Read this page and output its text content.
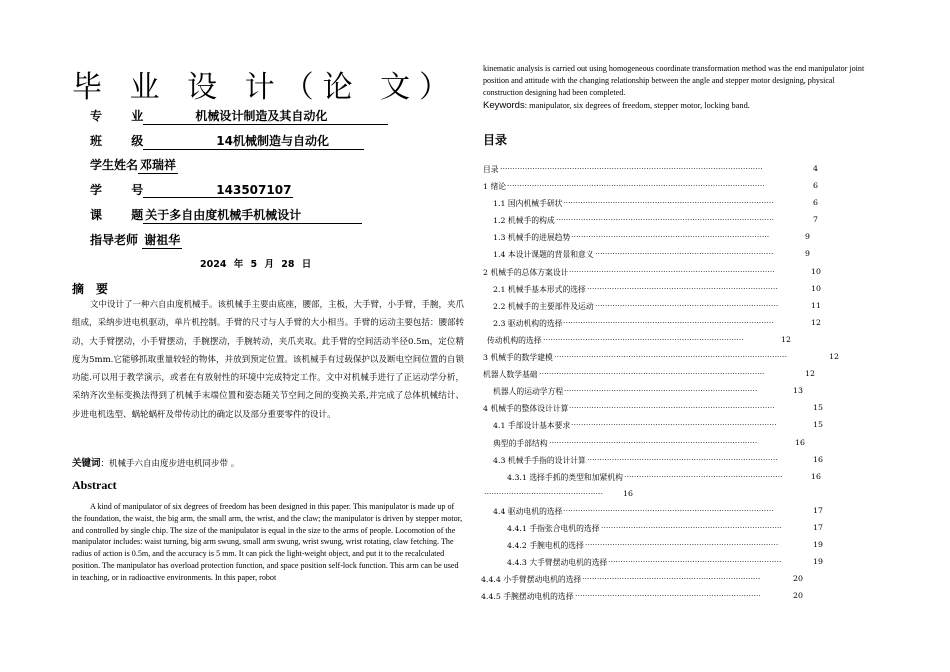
毕 业 设 计（论 文）
专       业            机械设计制造及其自动化
班       级                 14机械制造与自动化
学生姓名 邓瑞祥
学       号                 143507107
课       题 关于多自由度机械手机械设计
指导老师 谢祖华
2024 年 5 月 28 日
摘要
文中设计了一种六自由度机械手。该机械手主要由底座，腰部，主板，大手臂，小手臂，手腕，夹爪组成，采纳步进电机驱动，单片机控制。手臂的尺寸与人手臂的大小相当。手臂的运动主要包括：腰部转动，大手臂摆动，小手臂摆动，手腕摆动，手腕转动，夹爪夹取。此手臂的空间活动半径0.5m，定位精度为5mm.它能够抓取重量较轻的物体，并放到预定位置。该机械手有过载保护以及断电空间位置的自锁功能.可以用于教学演示，或者在有放射性的环境中完成特定工作。文中对机械手进行了正运动学分析，采纳齐次坐标变换法得到了机械手末端位置和姿态随关节空间之间的变换关系,并完成了总体机械结计、步进电机选型、蜗轮蜗杆及带传动比的确定以及部分重要零件的设计。
关键词：机械手六自由度步进电机同步带 。
Abstract
A kind of manipulator of six degrees of freedom has been designed in this paper. This manipulator is made up of the foundation, the waist, the big arm, the small arm, the wrist, and the claw; the manipulator is driven by stepper motor, and controlled by single chip. The size of the manipulator is equal in the size to the arms of people. Locomotion of the manipulator includes: waist turning, big arm swung, small arm swung, wrist swung, wrist rotating, claw fetching. The radius of action is 0.5m, and the accuracy is 5 mm. It can pick the light-weight object, and put it to the recalculated position. The manipulator has overload protection function, and space position self-lock function. This arm can be used in teaching, or in radioactive environments. In this paper, robot
kinematic analysis is carried out using homogeneous coordinate transformation method was the end manipulator joint position and attitude with the changing relationship between the angle and stepper motor designing, physical construction designing had been completed.
Keywords: manipulator, six degrees of freedom, stepper motor, locking band.
目录
目录 ··········································································································	4
1 绪论 ········································································································	6
1.1 国内机械手研状 ·····················································································	6
1.2 机械手的构成 ························································································	7
1.3 机械手的进展趋势 ················································································	9
1.4 本设计课题的背景和意义 ········································································	9
2 机械手的总体方案设计 ···················································································	10
2.1 机械手基本形式的选择 ·············································································	10
2.2 机械手的主要部件及运动 ··········································································	11
2.3 驱动机构的选择 ·····················································································	12
传动机构的选择 ·················································································	12
3 机械手的数学建模 ······························································································	12
机器人数学基础 ···························································································	12
机器人的运动学方程 ··············································································	13
4 机械手的整体设计计算 ···················································································	15
4.1 手部设计基本要求 ···················································································	15
典型的手部结构 ····················································································	16
4.3 机械手手指的设计计算 ·············································································	16
4.3.1 选择手抓的类型和加紧机构 ································································	16
················································	16
4.4 驱动电机的选择 ·····················································································	17
4.4.1 手指张合电机的选择 ·········································································	17
4.4.2 手腕电机的选择 ··············································································	19
4.4.3 大手臂摆动电机的选择 ······································································	19
4.4.4 小手臂摆动电机的选择 ········································································	20
4.4.5 手腕摆动电机的选择 ···········································································	20
